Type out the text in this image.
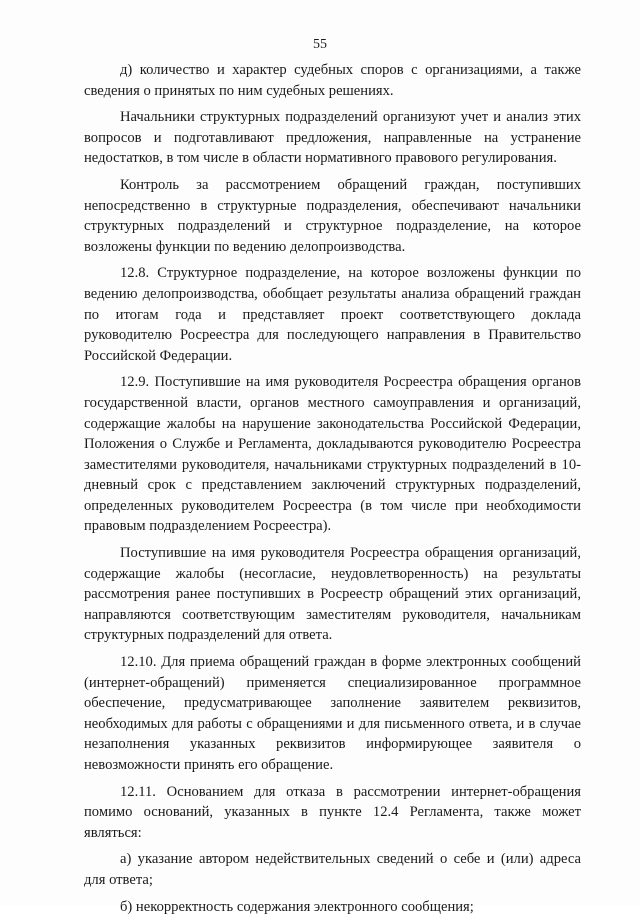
55

д) количество и характер судебных споров с организациями, а также сведения о принятых по ним судебных решениях.

Начальники структурных подразделений организуют учет и анализ этих вопросов и подготавливают предложения, направленные на устранение недостатков, в том числе в области нормативного правового регулирования.

Контроль за рассмотрением обращений граждан, поступивших непосредственно в структурные подразделения, обеспечивают начальники структурных подразделений и структурное подразделение, на которое возложены функции по ведению делопроизводства.

12.8. Структурное подразделение, на которое возложены функции по ведению делопроизводства, обобщает результаты анализа обращений граждан по итогам года и представляет проект соответствующего доклада руководителю Росреестра для последующего направления в Правительство Российской Федерации.

12.9. Поступившие на имя руководителя Росреестра обращения органов государственной власти, органов местного самоуправления и организаций, содержащие жалобы на нарушение законодательства Российской Федерации, Положения о Службе и Регламента, докладываются руководителю Росреестра заместителями руководителя, начальниками структурных подразделений в 10-дневный срок с представлением заключений структурных подразделений, определенных руководителем Росреестра (в том числе при необходимости правовым подразделением Росреестра).

Поступившие на имя руководителя Росреестра обращения организаций, содержащие жалобы (несогласие, неудовлетворенность) на результаты рассмотрения ранее поступивших в Росреестр обращений этих организаций, направляются соответствующим заместителям руководителя, начальникам структурных подразделений для ответа.

12.10. Для приема обращений граждан в форме электронных сообщений (интернет-обращений) применяется специализированное программное обеспечение, предусматривающее заполнение заявителем реквизитов, необходимых для работы с обращениями и для письменного ответа, и в случае незаполнения указанных реквизитов информирующее заявителя о невозможности принять его обращение.

12.11. Основанием для отказа в рассмотрении интернет-обращения помимо оснований, указанных в пункте 12.4 Регламента, также может являться:

а) указание автором недействительных сведений о себе и (или) адреса для ответа;

б) некорректность содержания электронного сообщения;
